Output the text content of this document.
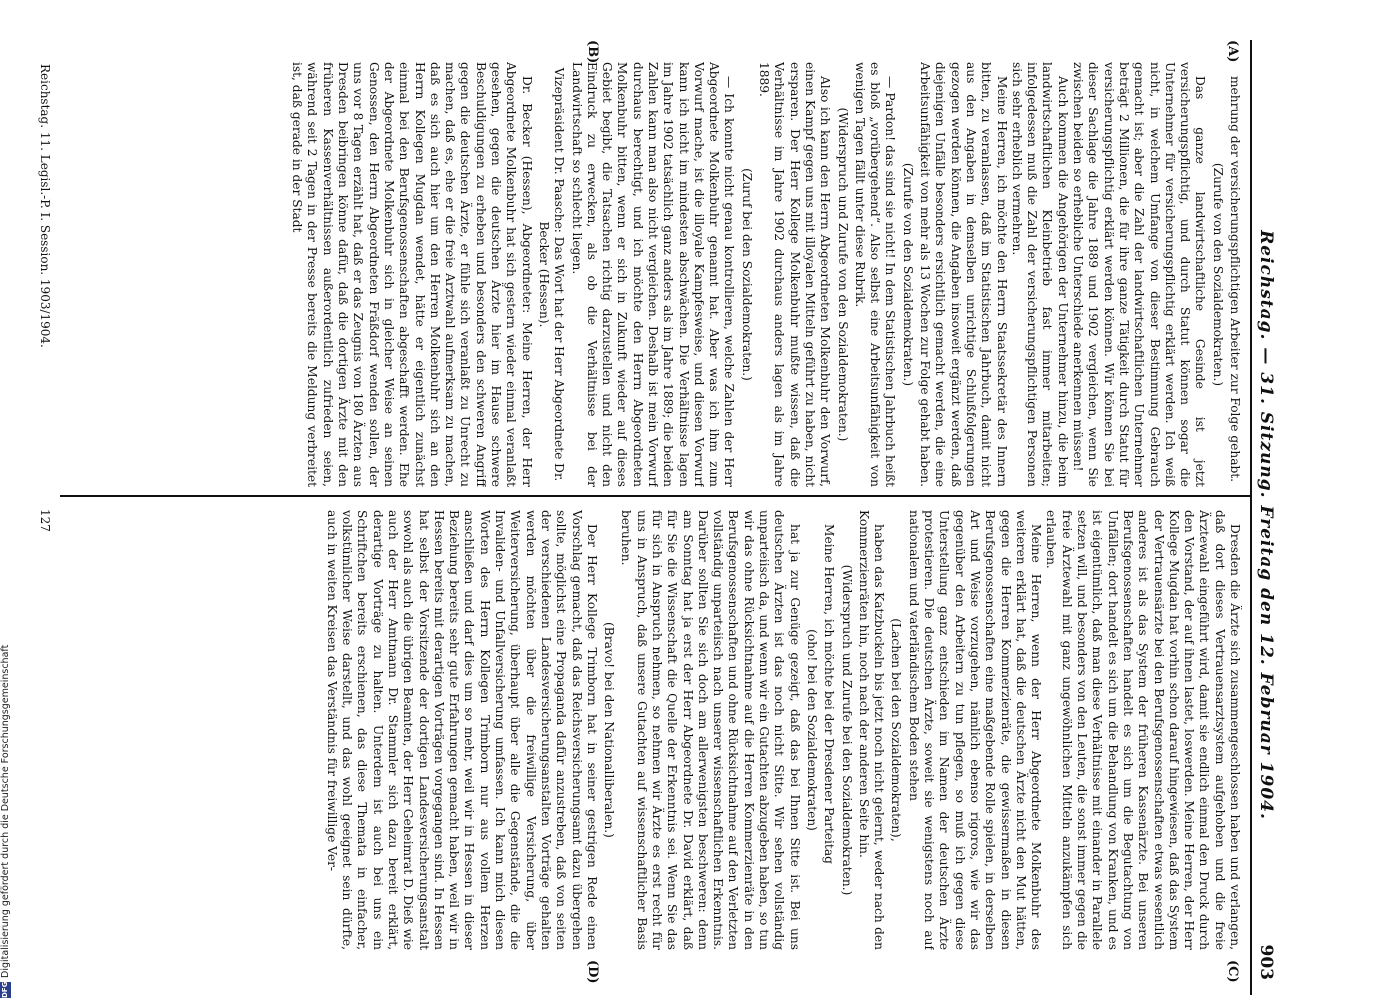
Reichstag. — 31. Sitzung. Freitag den 12. Februar 1904.
903
(A)
(B)
(C)
(D)

mehrung der versicherungspflichtigen Arbeiter zur Folge gehabt.

(Zurufe von den Sozialdemokraten.)

Das ganze landwirtschaftliche Gesinde ist jetzt versicherungspflichtig, und durch Statut können sogar die Unternehmer für versicherungspflichtig erklärt werden. Ich weiß nicht, in welchem Umfange von dieser Bestimmung Gebrauch gemacht ist; aber die Zahl der landwirtschaftlichen Unternehmer beträgt 2 Millionen, die für ihre ganze Tätigkeit durch Statut für versicherungspflichtig erklärt werden können. Wir können Sie bei dieser Sachlage die Jahre 1889 und 1902 vergleichen, wenn Sie zwischen beiden so erhebliche Unterschiede anerkennen müssen!

Auch kommen die Angehörigen der Unternehmer hinzu, die beim landwirtschaftlichen Kleinbetrieb fast immer mitarbeiten; infolgedessen muß die Zahl der versicherungspflichtigen Personen sich sehr erheblich vermehren.

Meine Herren, ich möchte den Herrn Staatssekretär des Innern bitten, zu veranlassen, daß im Statistischen Jahrbuch, damit nicht aus den Angaben in demselben unrichtige Schlußfolgerungen gezogen werden können, die Angaben insoweit ergänzt werden, daß diejenigen Unfälle besonders ersichtlich gemacht werden, die eine Arbeitsunfähigkeit von mehr als 13 Wochen zur Folge gehabt haben.

(Zurufe von den Sozialdemokraten.)

— Pardon! das sind sie nicht! In dem Statistischen Jahrbuch heißt es bloß „vorübergehend“. Also selbst eine Arbeitsunfähigkeit von wenigen Tagen fällt unter diese Rubrik.

(Widerspruch und Zurufe von den Sozialdemokraten.)

Also ich kann den Herrn Abgeordneten Molkenbuhr den Vorwurf, einen Kampf gegen uns mit illoyalen Mitteln geführt zu haben, nicht ersparen. Der Herr Kollege Molkenbuhr mußte wissen, daß die Verhältnisse im Jahre 1902 durchaus anders lagen als im Jahre 1889.

(Zuruf bei den Sozialdemokraten.)

— Ich konnte nicht genau kontrollieren, welche Zahlen der Herr Abgeordnete Molkenbuhr genannt hat. Aber was ich ihm zum Vorwurf mache, ist die illoyale Kampfesweise, und diesen Vorwurf kann ich nicht im mindesten abschwächen. Die Verhältnisse lagen im Jahre 1902 tatsächlich ganz anders als im Jahre 1889; die beiden Zahlen kann man also nicht vergleichen. Deshalb ist mein Vorwurf durchaus berechtigt, und ich möchte den Herrn Abgeordneten Molkenbuhr bitten, wenn er sich in Zukunft wieder auf dieses Gebiet begibt, die Tatsachen richtig darzustellen und nicht den Eindruck zu erwecken, als ob die Verhältnisse bei der Landwirtschaft so schlecht liegen.

Vizepräsident Dr. Paasche: Das Wort hat der Herr Abgeordnete Dr. Becker (Hessen).

Dr. Becker (Hessen), Abgeordneter: Meine Herren, der Herr Abgeordnete Molkenbuhr hat sich gestern wieder einmal veranlaßt gesehen, gegen die deutschen Ärzte hier im Hause schwere Beschuldigungen zu erheben und besonders den schweren Angriff gegen die deutschen Ärzte, er fühle sich veranlaßt zu Unrecht zu machen, daß es, ehe er die freie Arztwahl aufmerksam zu machen, daß es sich auch hier um den Herren Molkenbuhr sich an den Herrn Kollegen Mugdan wendet, hätte er eigentlich zunächst einmal bei den Berufsgenossenschaften abgeschafft werden. Ehe der Abgeordnete Molkenbuhr sich in gleicher Weise an seinen Genossen, den Herrn Abgeordneten Fräßdorf wenden sollen, der uns vor 8 Tagen erzählt hat, daß er das Zeugnis von 180 Ärzten aus Dresden beibringen könne dafür, daß die dortigen Ärzte mit den früheren Kassenverhältnissen außerordentlich zufrieden seien, während seit 2 Tagen in der Presse bereits die Meldung verbreitet ist, daß gerade in der Stadt

Dresden die Ärzte sich zusammengeschlossen haben und verlangen, daß dort dieses Vertrauensarztsystem aufgehoben und die freie Ärztewahl eingeführt wird, damit sie endlich einmal den Druck durch den Vorstand, der auf ihnen lastet, loswerden. Meine Herren, der Herr Kollege Mugdan hat vorhin schon darauf hingewiesen, daß das System der Vertrauensärzte bei den Berufsgenossenschaften etwas wesentlich anderes ist als das System der früheren Kassenärzte. Bei unseren Berufsgenossenschaften handelt es sich um die Begutachtung von Unfällen; dort handelt es sich um die Behandlung von Kranken, und es ist eigentümlich, daß man diese Verhältnisse mit einander in Parallele setzen will, und besonders von den Leuten, die sonst immer gegen die freie Ärztewahl mit ganz ungewöhnlichen Mitteln anzukämpfen sich erlauben.

Meine Herren, wenn der Herr Abgeordnete Molkenbuhr des weiteren erklärt hat, daß die deutschen Ärzte nicht den Mut hätten, gegen die Herren Kommerzienräte, die gewissermaßen in diesen Berufsgenossenschaften eine maßgebende Rolle spielen, in derselben Art und Weise vorzugehen, nämlich ebenso rigoros, wie wir das gegenüber den Arbeitern zu tun pflegen, so muß ich gegen diese Unterstellung ganz entschieden im Namen der deutschen Ärzte protestieren. Die deutschen Ärzte, soweit sie wenigstens noch auf nationalem und vaterländischem Boden stehen

(Lachen bei den Sozialdemokraten),

haben das Katzbuckeln bis jetzt noch nicht gelernt, weder nach den Kommerzienräten hin, noch nach der anderen Seite hin.

(Widerspruch und Zurufe bei den Sozialdemokraten.)

Meine Herren, ich möchte bei der Dresdener Parteitag

(oho! bei den Sozialdemokraten)

hat ja zur Genüge gezeigt, daß das bei Ihnen Sitte ist. Bei uns deutschen Ärzten ist das noch nicht Sitte. Wir sehen vollständig unparteiisch da, und wenn wir ein Gutachten abzugeben haben, so tun wir das ohne Rücksichtnahme auf die Herren Kommerzienräte in den Berufsgenossenschaften und ohne Rücksichtnahme auf den Verletzten vollständig unparteiisch nach unserer wissenschaftlichen Erkenntnis. Darüber sollten Sie sich doch am allerwenigsten beschweren: denn am Sonntag hat ja erst der Herr Abgeordnete Dr. David erklärt, daß für Sie die Wissenschaft die Quelle der Erkenntnis sei. Wenn Sie das für sich in Anspruch nehmen, so nehmen wir Ärzte es erst recht für uns in Anspruch, daß unsere Gutachten auf wissenschaftlicher Basis beruhen.

(Bravo! bei den Nationalliberalen.)

Der Herr Kollege Trimborn hat in seiner gestrigen Rede einen Vorschlag gemacht, daß das Reichsversicherungsamt dazu übergehen sollte, möglichst eine Propaganda dafür anzustreben, daß von seiten der verschiedenen Landesversicherungsanstalten Vorträge gehalten werden möchten über die freiwillige Versicherung, über Weiterversicherung, überhaupt über alle die Gegenstände, die die Invaliden- und Unfallversicherung umfassen. Ich kann mich diesen Worten des Herrn Kollegen Trimborn nur aus vollem Herzen anschließen und darf dies um so mehr, weil wir in Hessen in dieser Beziehung bereits sehr gute Erfahrungen gemacht haben, weil wir in Hessen bereits mit derartigen Vorträgen vorgegangen sind. In Hessen hat selbst der Vorsitzende der dortigen Landesversicherungsanstalt sowohl als auch die übrigen Beamten, der Herr Geheimrat D. Dieß wie auch der Herr Amtmann Dr. Stammler sich dazu bereit erklärt, derartige Vorträge zu halten. Unterdem ist auch bei uns ein Schriftchen bereits erschienen, das diese Themata in einfacher, volkstümlicher Weise darstellt, und das wohl geeignet sein dürfte, auch in weiten Kreisen das Verständnis für freiwillige Ver-

Reichstag. 11. Legisl.-P. I. Session. 1903/1904.
127
DFG
Digitalisierung gefördert durch die Deutsche Forschungsgemeinschaft
